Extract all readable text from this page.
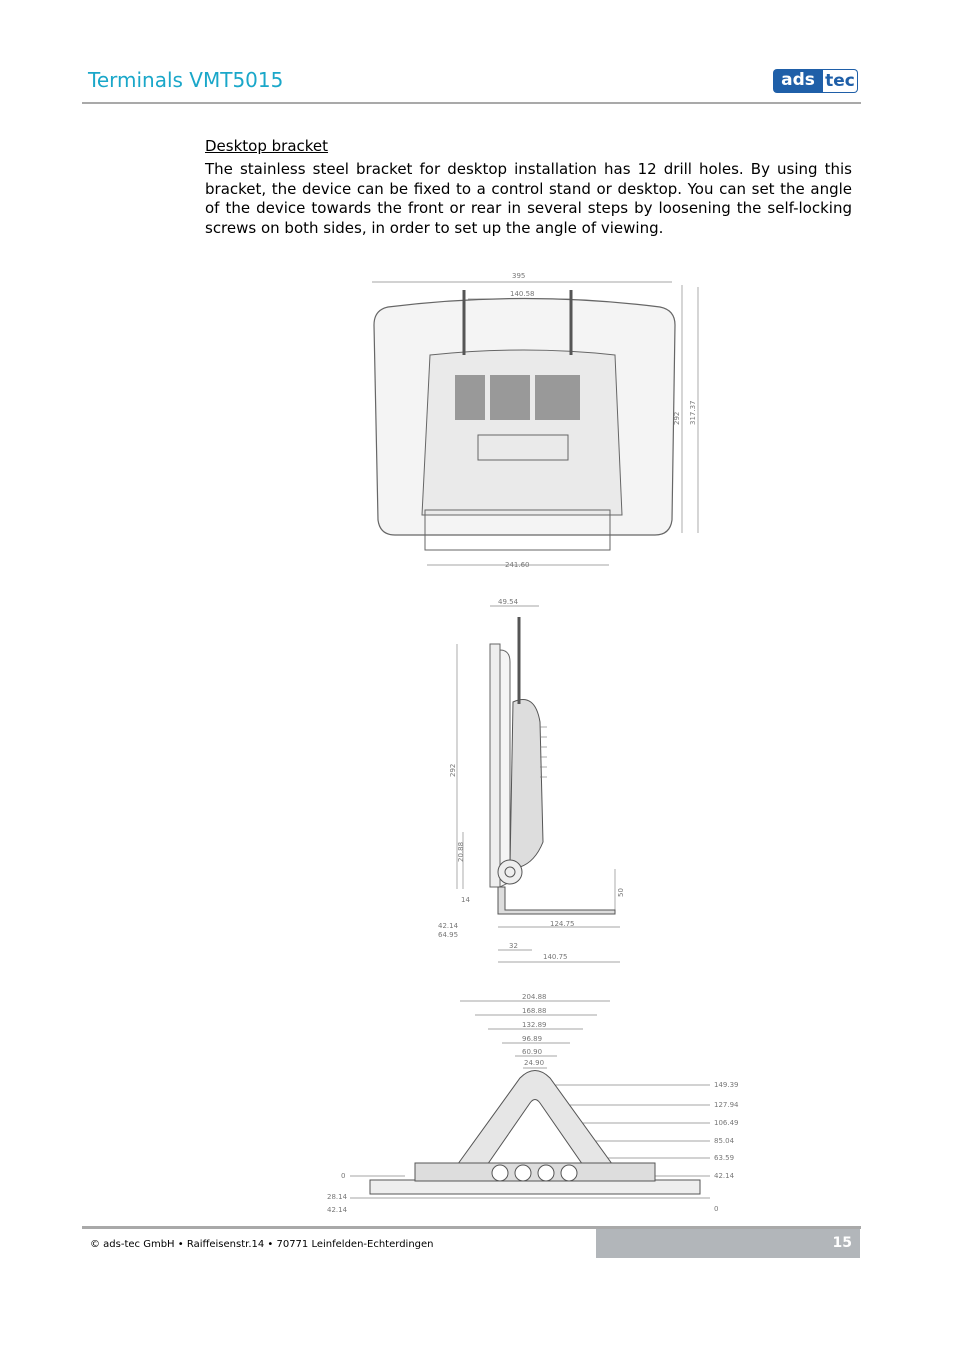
Terminals VMT5015	ads tec
Desktop bracket
The stainless steel bracket for desktop installation has 12 drill holes. By using this bracket, the device can be fixed to a control stand or desktop. You can set the angle of the device towards the front or rear in several steps by loosening the self-locking screws on both sides, in order to set up the angle of viewing.
395
140.58
292 317.37
241.60
49.54
292
20.88
14
50
124.75
42.14
64.95
32
140.75
204.88
168.88
132.89
96.89
60.90
24.90
149.39
127.94
106.49
85.04
63.59
42.14
0
0
28.14
42.14
© ads-tec GmbH • Raiffeisenstr.14 • 70771 Leinfelden-Echterdingen	15
